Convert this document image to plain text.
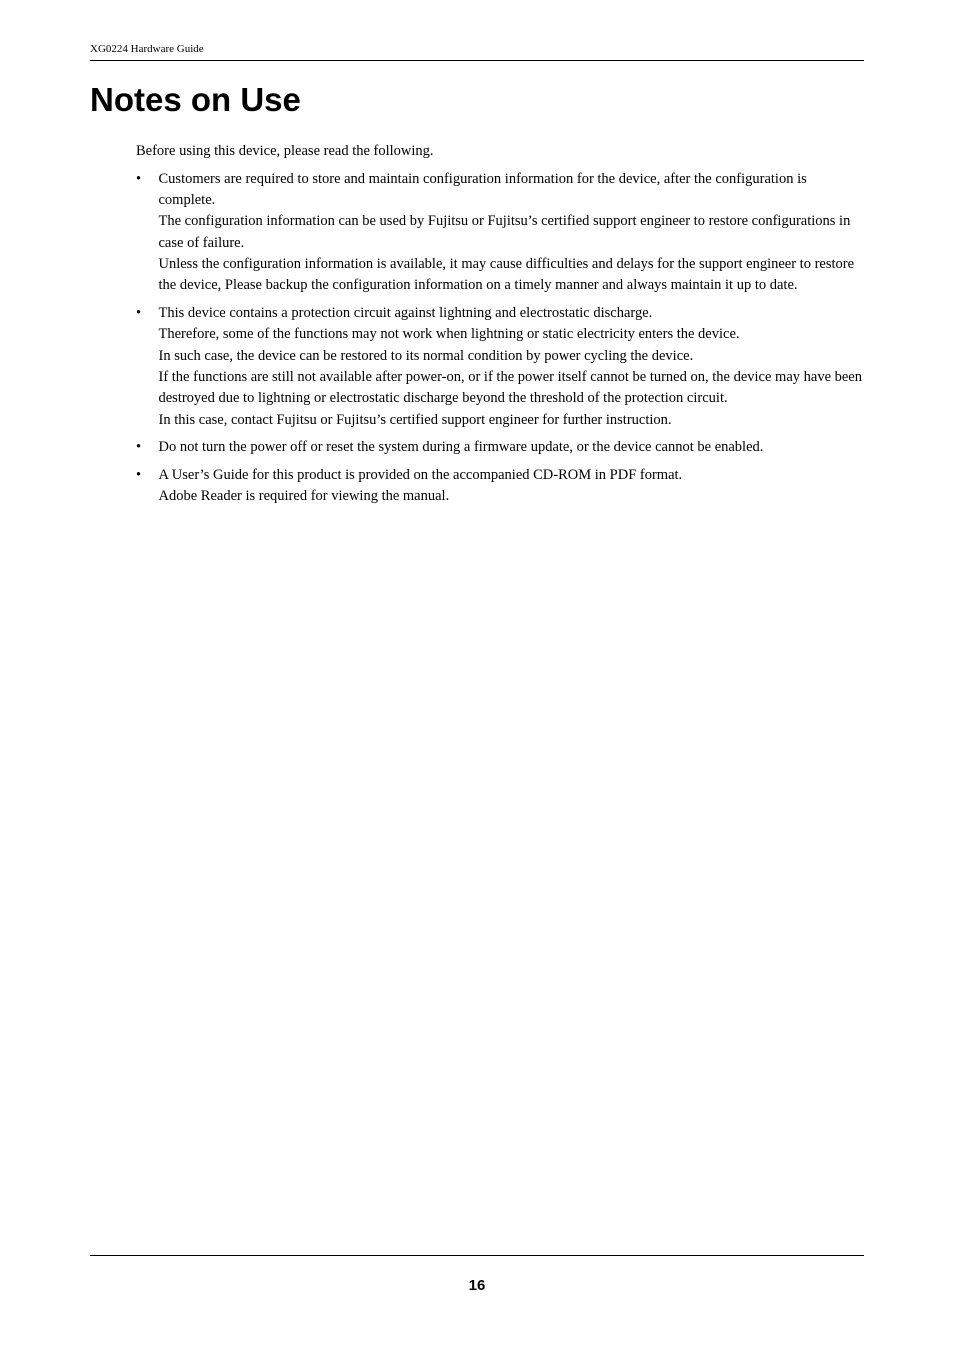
XG0224 Hardware Guide
Notes on Use

Before using this device, please read the following.

• Customers are required to store and maintain configuration information for the device, after the configuration is complete.
The configuration information can be used by Fujitsu or Fujitsu’s certified support engineer to restore configurations in case of failure.
Unless the configuration information is available, it may cause difficulties and delays for the support engineer to restore the device, Please backup the configuration information on a timely manner and always maintain it up to date.
• This device contains a protection circuit against lightning and electrostatic discharge.
Therefore, some of the functions may not work when lightning or static electricity enters the device.
In such case, the device can be restored to its normal condition by power cycling the device.
If the functions are still not available after power-on, or if the power itself cannot be turned on, the device may have been destroyed due to lightning or electrostatic discharge beyond the threshold of the protection circuit.
In this case, contact Fujitsu or Fujitsu’s certified support engineer for further instruction.
• Do not turn the power off or reset the system during a firmware update, or the device cannot be enabled.
• A User’s Guide for this product is provided on the accompanied CD-ROM in PDF format.
Adobe Reader is required for viewing the manual.
16
